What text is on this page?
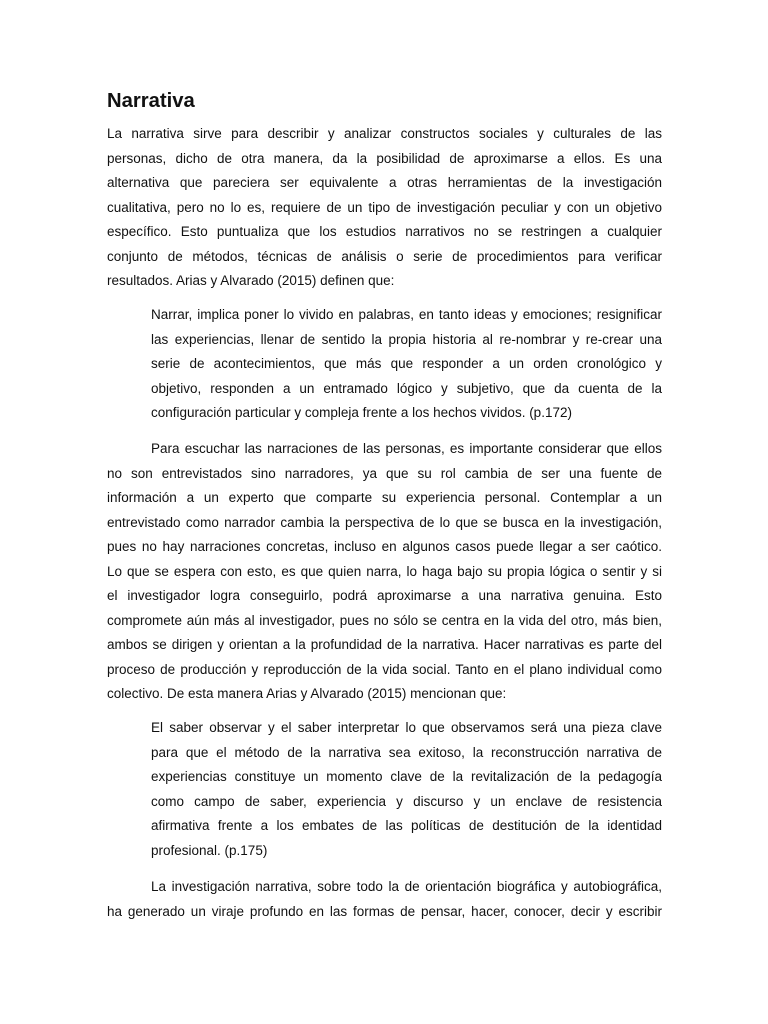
Narrativa
La narrativa sirve para describir y analizar constructos sociales y culturales de las
personas, dicho de otra manera, da la posibilidad de aproximarse a ellos. Es una
alternativa que pareciera ser equivalente a otras herramientas de la investigación
cualitativa, pero no lo es, requiere de un tipo de investigación peculiar y con un objetivo
específico. Esto puntualiza que los estudios narrativos no se restringen a cualquier
conjunto de métodos, técnicas de análisis o serie de procedimientos para verificar
resultados. Arias y Alvarado (2015) definen que:
Narrar, implica poner lo vivido en palabras, en tanto ideas y emociones; resignificar
las experiencias, llenar de sentido la propia historia al re-nombrar y re-crear una
serie de acontecimientos, que más que responder a un orden cronológico y
objetivo, responden a un entramado lógico y subjetivo, que da cuenta de la
configuración particular y compleja frente a los hechos vividos. (p.172)
Para escuchar las narraciones de las personas, es importante considerar que ellos
no son entrevistados sino narradores, ya que su rol cambia de ser una fuente de
información a un experto que comparte su experiencia personal. Contemplar a un
entrevistado como narrador cambia la perspectiva de lo que se busca en la investigación,
pues no hay narraciones concretas, incluso en algunos casos puede llegar a ser caótico.
Lo que se espera con esto, es que quien narra, lo haga bajo su propia lógica o sentir y si
el investigador logra conseguirlo, podrá aproximarse a una narrativa genuina. Esto
compromete aún más al investigador, pues no sólo se centra en la vida del otro, más bien,
ambos se dirigen y orientan a la profundidad de la narrativa. Hacer narrativas es parte del
proceso de producción y reproducción de la vida social. Tanto en el plano individual como
colectivo. De esta manera Arias y Alvarado (2015) mencionan que:
El saber observar y el saber interpretar lo que observamos será una pieza clave
para que el método de la narrativa sea exitoso, la reconstrucción narrativa de
experiencias constituye un momento clave de la revitalización de la pedagogía
como campo de saber, experiencia y discurso y un enclave de resistencia
afirmativa frente a los embates de las políticas de destitución de la identidad
profesional. (p.175)
La investigación narrativa, sobre todo la de orientación biográfica y autobiográfica,
ha generado un viraje profundo en las formas de pensar, hacer, conocer, decir y escribir
